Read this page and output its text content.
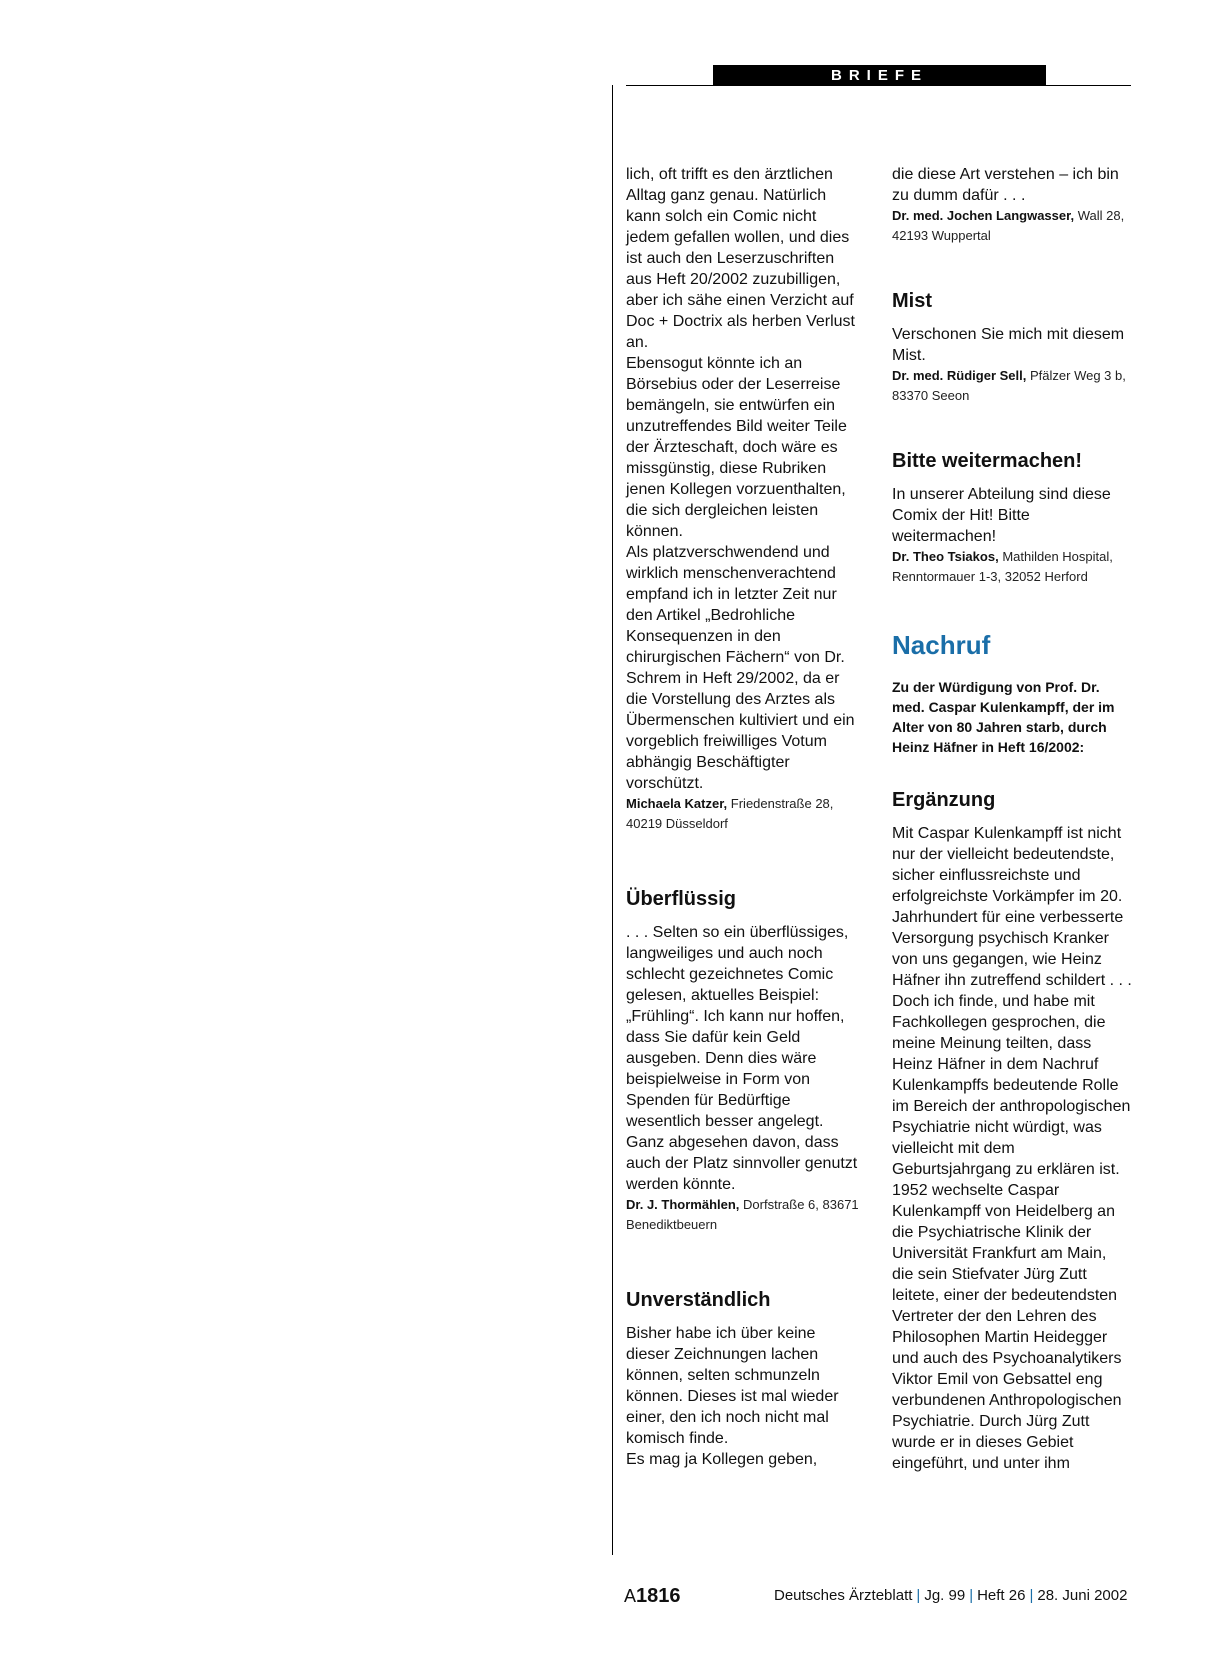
BRIEFE

lich, oft trifft es den ärztlichen Alltag ganz genau. Natürlich kann solch ein Comic nicht jedem gefallen wollen, und dies ist auch den Leserzuschriften aus Heft 20/2002 zuzubilligen, aber ich sähe einen Verzicht auf Doc + Doctrix als herben Verlust an.

Ebensogut könnte ich an Börsebius oder der Leserreise bemängeln, sie entwürfen ein unzutreffendes Bild weiter Teile der Ärzteschaft, doch wäre es missgünstig, diese Rubriken jenen Kollegen vorzuenthalten, die sich dergleichen leisten können.

Als platzverschwendend und wirklich menschenverachtend empfand ich in letzter Zeit nur den Artikel „Bedrohliche Konsequenzen in den chirurgischen Fächern“ von Dr. Schrem in Heft 29/2002, da er die Vorstellung des Arztes als Übermenschen kultiviert und ein vorgeblich freiwilliges Votum abhängig Beschäftigter vorschützt.

Michaela Katzer, Friedenstraße 28, 40219 Düsseldorf

Überflüssig

. . . Selten so ein überflüssiges, langweiliges und auch noch schlecht gezeichnetes Comic gelesen, aktuelles Beispiel: „Frühling“. Ich kann nur hoffen, dass Sie dafür kein Geld ausgeben. Denn dies wäre beispielweise in Form von Spenden für Bedürftige wesentlich besser angelegt. Ganz abgesehen davon, dass auch der Platz sinnvoller genutzt werden könnte.

Dr. J. Thormählen, Dorfstraße 6, 83671 Benediktbeuern

Unverständlich

Bisher habe ich über keine dieser Zeichnungen lachen können, selten schmunzeln können. Dieses ist mal wieder einer, den ich noch nicht mal komisch finde.

Es mag ja Kollegen geben,

die diese Art verstehen – ich bin zu dumm dafür . . .

Dr. med. Jochen Langwasser, Wall 28, 42193 Wuppertal

Mist

Verschonen Sie mich mit diesem Mist.

Dr. med. Rüdiger Sell, Pfälzer Weg 3 b, 83370 Seeon

Bitte weitermachen!

In unserer Abteilung sind diese Comix der Hit! Bitte weitermachen!

Dr. Theo Tsiakos, Mathilden Hospital, Renntormauer 1-3, 32052 Herford

Nachruf

Zu der Würdigung von Prof. Dr. med. Caspar Kulenkampff, der im Alter von 80 Jahren starb, durch Heinz Häfner in Heft 16/2002:

Ergänzung

Mit Caspar Kulenkampff ist nicht nur der vielleicht bedeutendste, sicher einflussreichste und erfolgreichste Vorkämpfer im 20. Jahrhundert für eine verbesserte Versorgung psychisch Kranker von uns gegangen, wie Heinz Häfner ihn zutreffend schildert . . . Doch ich finde, und habe mit Fachkollegen gesprochen, die meine Meinung teilten, dass Heinz Häfner in dem Nachruf Kulenkampffs bedeutende Rolle im Bereich der anthropologischen Psychiatrie nicht würdigt, was vielleicht mit dem Geburtsjahrgang zu erklären ist. 1952 wechselte Caspar Kulenkampff von Heidelberg an die Psychiatrische Klinik der Universität Frankfurt am Main, die sein Stiefvater Jürg Zutt leitete, einer der bedeutendsten Vertreter der den Lehren des Philosophen Martin Heidegger und auch des Psychoanalytikers Viktor Emil von Gebsattel eng verbundenen Anthropologischen Psychiatrie. Durch Jürg Zutt wurde er in dieses Gebiet eingeführt, und unter ihm

A1816	Deutsches Ärzteblatt | Jg. 99 | Heft 26 | 28. Juni 2002
